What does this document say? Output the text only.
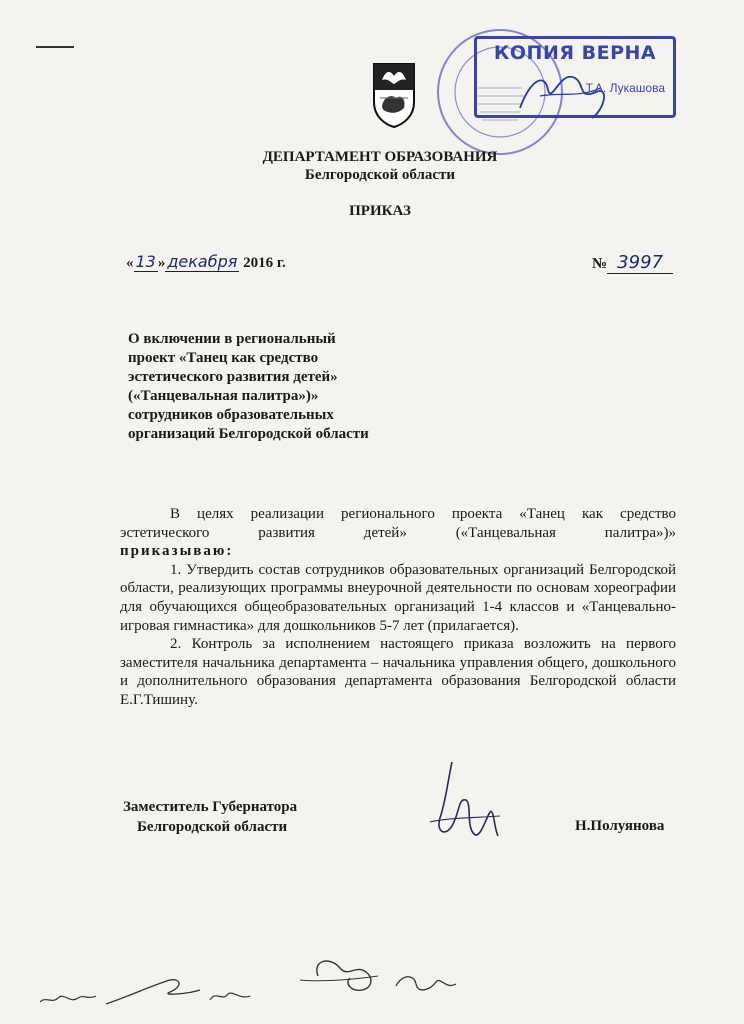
КОПИЯ ВЕРНА
Т.А. Лукашова
ДЕПАРТАМЕНТ ОБРАЗОВАНИЯ
Белгородской области
ПРИКАЗ
« 13 » декабря 2016 г.	№ 3997
О включении в региональный
проект «Танец как средство
эстетического развития детей»
(«Танцевальная палитра»)»
сотрудников образовательных
организаций Белгородской области

В целях реализации регионального проекта «Танец как средство эстетического развития детей» («Танцевальная палитра»)»

приказываю:

1. Утвердить состав сотрудников образовательных организаций Белгородской области, реализующих программы внеурочной деятельности по основам хореографии для обучающихся общеобразовательных организаций 1-4 классов и «Танцевально-игровая гимнастика» для дошкольников 5-7 лет (прилагается).

2. Контроль за исполнением настоящего приказа возложить на первого заместителя начальника департамента – начальника управления общего, дошкольного и дополнительного образования департамента образования Белгородской области Е.Г.Тишину.

Заместитель Губернатора
Белгородской области	Н.Полуянова
